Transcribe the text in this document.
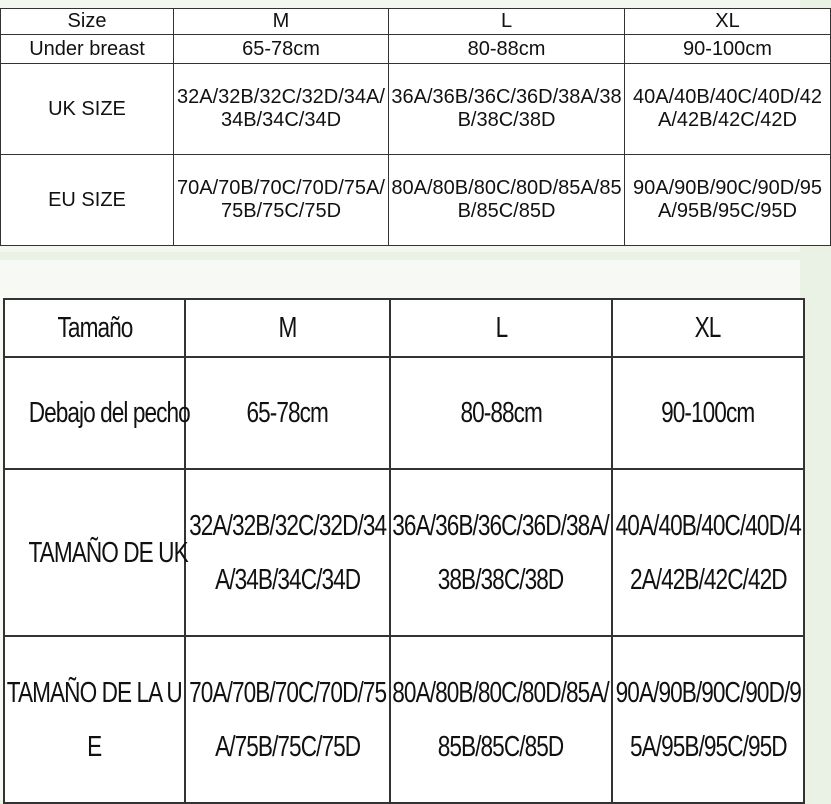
Size	M	L	XL
Under breast	65-78cm	80-88cm	90-100cm
UK SIZE	32A/32B/32C/32D/34A/34B/34C/34D	36A/36B/36C/36D/38A/38B/38C/38D	40A/40B/40C/40D/42A/42B/42C/42D
EU SIZE	70A/70B/70C/70D/75A/75B/75C/75D	80A/80B/80C/80D/85A/85B/85C/85D	90A/90B/90C/90D/95A/95B/95C/95D
Tamaño	M	L	XL
Debajo del pecho	65-78cm	80-88cm	90-100cm
TAMAÑO DE UK	32A/32B/32C/32D/34A/34B/34C/34D	36A/36B/36C/36D/38A/38B/38C/38D	40A/40B/40C/40D/42A/42B/42C/42D
TAMAÑO DE LA UE	70A/70B/70C/70D/75A/75B/75C/75D	80A/80B/80C/80D/85A/85B/85C/85D	90A/90B/90C/90D/95A/95B/95C/95D
